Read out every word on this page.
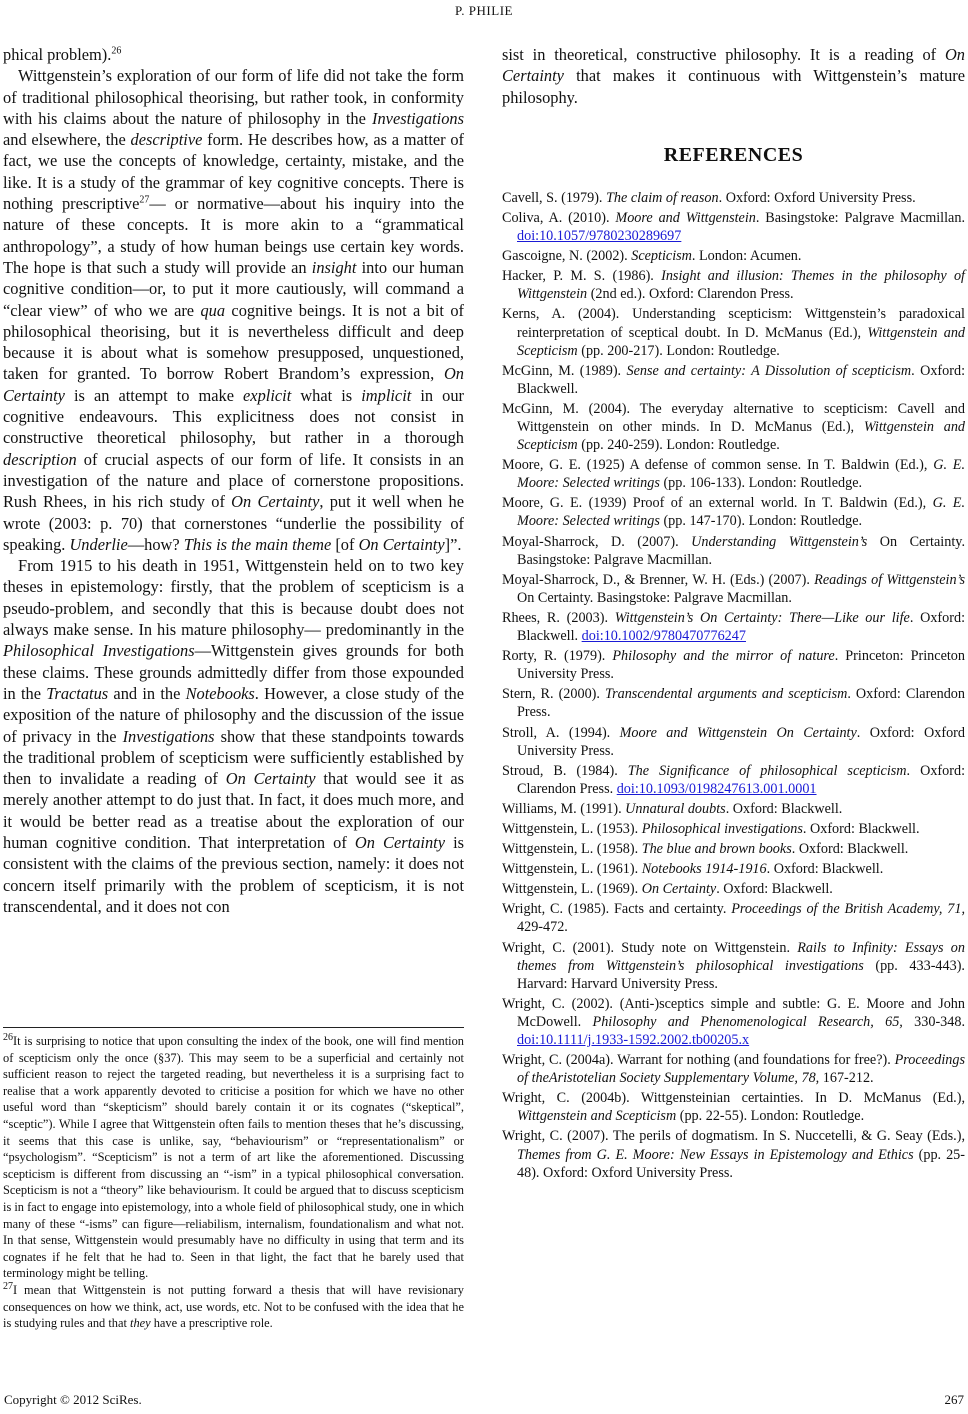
P. PHILIE

phical problem).$^{26}$

Wittgenstein’s exploration of our form of life did not take the form of traditional philosophical theorising, but rather took, in conformity with his claims about the nature of philosophy in the Investigations and elsewhere, the descriptive form. He describes how, as a matter of fact, we use the concepts of knowledge, certainty, mistake, and the like. It is a study of the grammar of key cognitive concepts. There is nothing prescriptive$^{27}$— or normative—about his inquiry into the nature of these concepts. It is more akin to a “grammatical anthropology”, a study of how human beings use certain key words. The hope is that such a study will provide an insight into our human cognitive condition—or, to put it more cautiously, will command a “clear view” of who we are qua cognitive beings. It is not a bit of philosophical theorising, but it is nevertheless difficult and deep because it is about what is somehow presupposed, unquestioned, taken for granted. To borrow Robert Brandom’s expression, On Certainty is an attempt to make explicit what is implicit in our cognitive endeavours. This explicitness does not consist in constructive theoretical philosophy, but rather in a thorough description of crucial aspects of our form of life. It consists in an investigation of the nature and place of cornerstone propositions. Rush Rhees, in his rich study of On Certainty, put it well when he wrote (2003: p. 70) that cornerstones “underlie the possibility of speaking. Underlie—how? This is the main theme [of On Certainty]”.

From 1915 to his death in 1951, Wittgenstein held on to two key theses in epistemology: firstly, that the problem of scepticism is a pseudo-problem, and secondly that this is because doubt does not always make sense. In his mature philosophy— predominantly in the Philosophical Investigations—Wittgenstein gives grounds for both these claims. These grounds admittedly differ from those expounded in the Tractatus and in the Notebooks. However, a close study of the exposition of the nature of philosophy and the discussion of the issue of privacy in the Investigations show that these standpoints towards the traditional problem of scepticism were sufficiently established by then to invalidate a reading of On Certainty that would see it as merely another attempt to do just that. In fact, it does much more, and it would be better read as a treatise about the exploration of our human cognitive condition. That interpretation of On Certainty is consistent with the claims of the previous section, namely: it does not concern itself primarily with the problem of scepticism, it is not transcendental, and it does not con

$^{26}$It is surprising to notice that upon consulting the index of the book, one will find mention of scepticism only the once (§37). This may seem to be a superficial and certainly not sufficient reason to reject the targeted reading, but nevertheless it is a surprising fact to realise that a work apparently devoted to criticise a position for which we have no other useful word than “skepticism” should barely contain it or its cognates (“skeptical”, “sceptic”). While I agree that Wittgenstein often fails to mention theses that he’s discussing, it seems that this case is unlike, say, “behaviourism” or “representationalism” or “psychologism”. “Scepticism” is not a term of art like the aforementioned. Discussing scepticism is different from discussing an “-ism” in a typical philosophical conversation. Scepticism is not a “theory” like behaviourism. It could be argued that to discuss scepticism is in fact to engage into epistemology, into a whole field of philosophical study, one in which many of these “-isms” can figure—reliabilism, internalism, foundationalism and what not. In that sense, Wittgenstein would presumably have no difficulty in using that term and its cognates if he felt that he had to. Seen in that light, the fact that he barely used that terminology might be telling.

$^{27}$I mean that Wittgenstein is not putting forward a thesis that will have revisionary consequences on how we think, act, use words, etc. Not to be confused with the idea that he is studying rules and that they have a prescriptive role.

sist in theoretical, constructive philosophy. It is a reading of On Certainty that makes it continuous with Wittgenstein’s mature philosophy.

REFERENCES
Cavell, S. (1979). The claim of reason. Oxford: Oxford University Press.
Coliva, A. (2010). Moore and Wittgenstein. Basingstoke: Palgrave Macmillan. doi:10.1057/9780230289697
Gascoigne, N. (2002). Scepticism. London: Acumen.
Hacker, P. M. S. (1986). Insight and illusion: Themes in the philosophy of Wittgenstein (2nd ed.). Oxford: Clarendon Press.
Kerns, A. (2004). Understanding scepticism: Wittgenstein’s paradoxical reinterpretation of sceptical doubt. In D. McManus (Ed.), Wittgenstein and Scepticism (pp. 200-217). London: Routledge.
McGinn, M. (1989). Sense and certainty: A Dissolution of scepticism. Oxford: Blackwell.
McGinn, M. (2004). The everyday alternative to scepticism: Cavell and Wittgenstein on other minds. In D. McManus (Ed.), Wittgenstein and Scepticism (pp. 240-259). London: Routledge.
Moore, G. E. (1925) A defense of common sense. In T. Baldwin (Ed.), G. E. Moore: Selected writings (pp. 106-133). London: Routledge.
Moore, G. E. (1939) Proof of an external world. In T. Baldwin (Ed.), G. E. Moore: Selected writings (pp. 147-170). London: Routledge.
Moyal-Sharrock, D. (2007). Understanding Wittgenstein’s On Certainty. Basingstoke: Palgrave Macmillan.
Moyal-Sharrock, D., & Brenner, W. H. (Eds.) (2007). Readings of Wittgenstein’s On Certainty. Basingstoke: Palgrave Macmillan.
Rhees, R. (2003). Wittgenstein’s On Certainty: There—Like our life. Oxford: Blackwell. doi:10.1002/9780470776247
Rorty, R. (1979). Philosophy and the mirror of nature. Princeton: Princeton University Press.
Stern, R. (2000). Transcendental arguments and scepticism. Oxford: Clarendon Press.
Stroll, A. (1994). Moore and Wittgenstein On Certainty. Oxford: Oxford University Press.
Stroud, B. (1984). The Significance of philosophical scepticism. Oxford: Clarendon Press. doi:10.1093/0198247613.001.0001
Williams, M. (1991). Unnatural doubts. Oxford: Blackwell.
Wittgenstein, L. (1953). Philosophical investigations. Oxford: Blackwell.
Wittgenstein, L. (1958). The blue and brown books. Oxford: Blackwell.
Wittgenstein, L. (1961). Notebooks 1914-1916. Oxford: Blackwell.
Wittgenstein, L. (1969). On Certainty. Oxford: Blackwell.
Wright, C. (1985). Facts and certainty. Proceedings of the British Academy, 71, 429-472.
Wright, C. (2001). Study note on Wittgenstein. Rails to Infinity: Essays on themes from Wittgenstein’s philosophical investigations (pp. 433-443). Harvard: Harvard University Press.
Wright, C. (2002). (Anti-)sceptics simple and subtle: G. E. Moore and John McDowell. Philosophy and Phenomenological Research, 65, 330-348. doi:10.1111/j.1933-1592.2002.tb00205.x
Wright, C. (2004a). Warrant for nothing (and foundations for free?). Proceedings of theAristotelian Society Supplementary Volume, 78, 167-212.
Wright, C. (2004b). Wittgensteinian certainties. In D. McManus (Ed.), Wittgenstein and Scepticism (pp. 22-55). London: Routledge.
Wright, C. (2007). The perils of dogmatism. In S. Nuccetelli, & G. Seay (Eds.), Themes from G. E. Moore: New Essays in Epistemology and Ethics (pp. 25-48). Oxford: Oxford University Press.
Copyright © 2012 SciRes.	267
